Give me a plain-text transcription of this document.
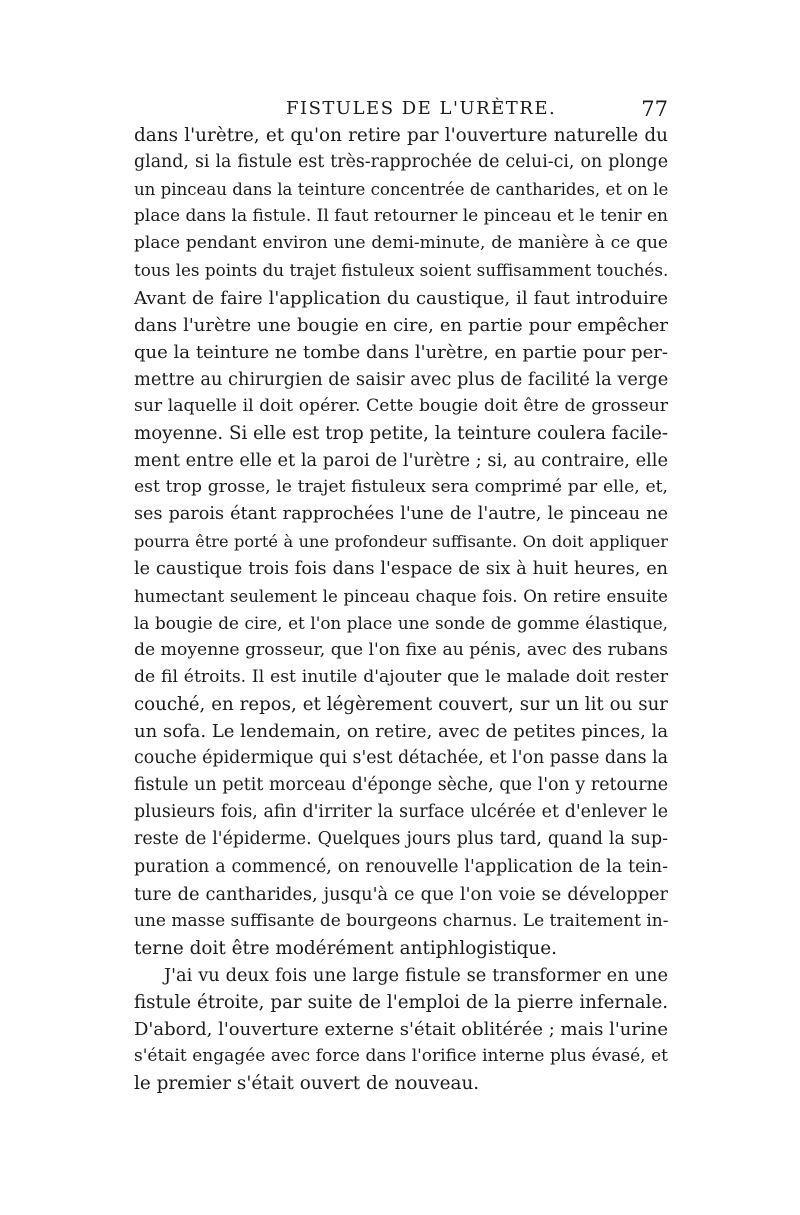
FISTULES DE L'URÈTRE.	77
dans l'urètre, et qu'on retire par l'ouverture naturelle du
gland, si la fistule est très-rapprochée de celui-ci, on plonge
un pinceau dans la teinture concentrée de cantharides, et on le
place dans la fistule. Il faut retourner le pinceau et le tenir en
place pendant environ une demi-minute, de manière à ce que
tous les points du trajet fistuleux soient suffisamment touchés.
Avant de faire l'application du caustique, il faut introduire
dans l'urètre une bougie en cire, en partie pour empêcher
que la teinture ne tombe dans l'urètre, en partie pour per-
mettre au chirurgien de saisir avec plus de facilité la verge
sur laquelle il doit opérer. Cette bougie doit être de grosseur
moyenne. Si elle est trop petite, la teinture coulera facile-
ment entre elle et la paroi de l'urètre ; si, au contraire, elle
est trop grosse, le trajet fistuleux sera comprimé par elle, et,
ses parois étant rapprochées l'une de l'autre, le pinceau ne
pourra être porté à une profondeur suffisante. On doit appliquer
le caustique trois fois dans l'espace de six à huit heures, en
humectant seulement le pinceau chaque fois. On retire ensuite
la bougie de cire, et l'on place une sonde de gomme élastique,
de moyenne grosseur, que l'on fixe au pénis, avec des rubans
de fil étroits. Il est inutile d'ajouter que le malade doit rester
couché, en repos, et légèrement couvert, sur un lit ou sur
un sofa. Le lendemain, on retire, avec de petites pinces, la
couche épidermique qui s'est détachée, et l'on passe dans la
fistule un petit morceau d'éponge sèche, que l'on y retourne
plusieurs fois, afin d'irriter la surface ulcérée et d'enlever le
reste de l'épiderme. Quelques jours plus tard, quand la sup-
puration a commencé, on renouvelle l'application de la tein-
ture de cantharides, jusqu'à ce que l'on voie se développer
une masse suffisante de bourgeons charnus. Le traitement in-
terne doit être modérément antiphlogistique.
J'ai vu deux fois une large fistule se transformer en une
fistule étroite, par suite de l'emploi de la pierre infernale.
D'abord, l'ouverture externe s'était oblitérée ; mais l'urine
s'était engagée avec force dans l'orifice interne plus évasé, et
le premier s'était ouvert de nouveau.
